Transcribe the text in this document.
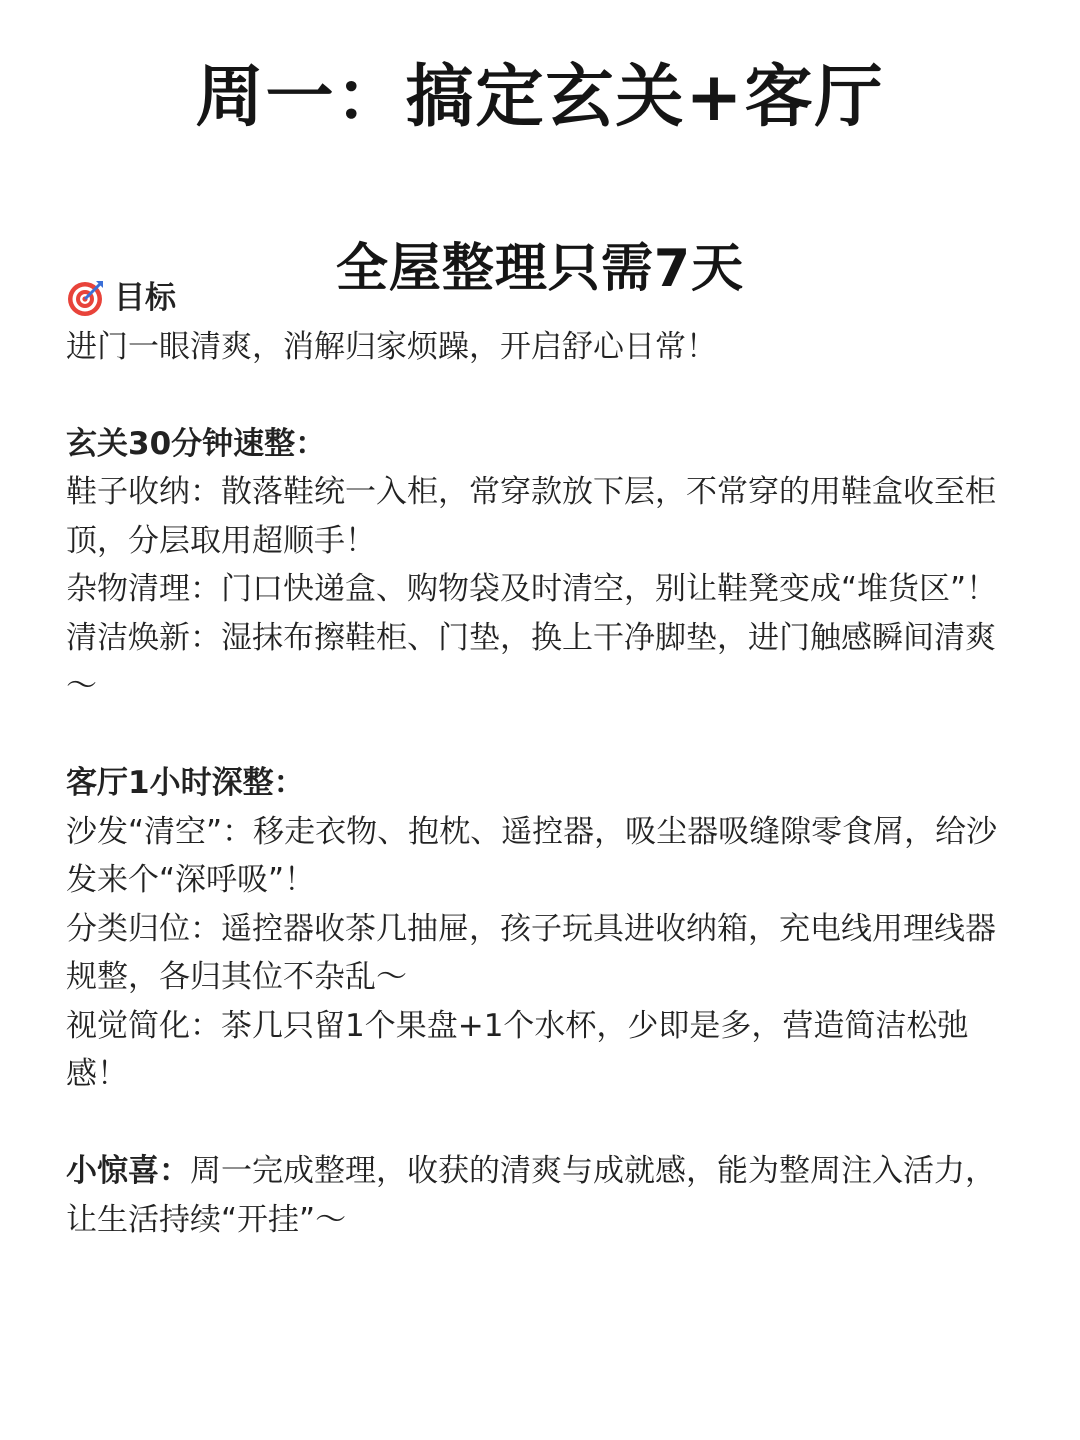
周一：搞定玄关+客厅
全屋整理只需7天
目标

进门一眼清爽，消解归家烦躁，开启舒心日常！

玄关30分钟速整：

鞋子收纳：散落鞋统一入柜，常穿款放下层，不常穿的用鞋盒收至柜顶，分层取用超顺手！

杂物清理：门口快递盒、购物袋及时清空，别让鞋凳变成“堆货区”！

清洁焕新：湿抹布擦鞋柜、门垫，换上干净脚垫，进门触感瞬间清爽～

客厅1小时深整：

沙发“清空”：移走衣物、抱枕、遥控器，吸尘器吸缝隙零食屑，给沙发来个“深呼吸”！

分类归位：遥控器收茶几抽屉，孩子玩具进收纳箱，充电线用理线器规整，各归其位不杂乱～

视觉简化：茶几只留1个果盘+1个水杯，少即是多，营造简洁松弛感！

小惊喜：周一完成整理，收获的清爽与成就感，能为整周注入活力，让生活持续“开挂”～
